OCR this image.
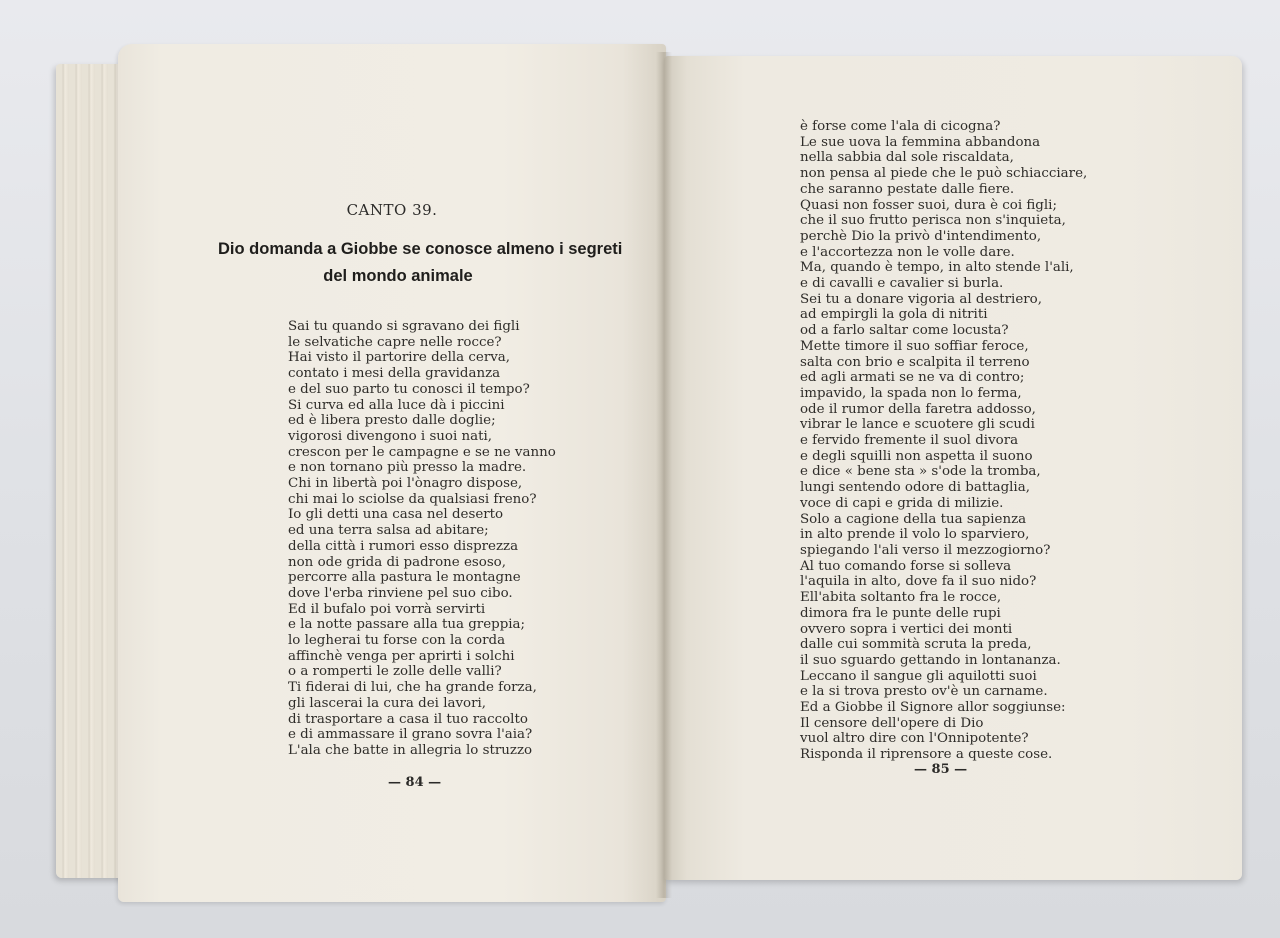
CANTO 39.
Dio domanda a Giobbe se conosce almeno i segreti
del mondo animale
Sai tu quando si sgravano dei figli
le selvatiche capre nelle rocce?
Hai visto il partorire della cerva,
contato i mesi della gravidanza
e del suo parto tu conosci il tempo?
Si curva ed alla luce dà i piccini
ed è libera presto dalle doglie;
vigorosi divengono i suoi nati,
crescon per le campagne e se ne vanno
e non tornano più presso la madre.
Chi in libertà poi l'ònagro dispose,
chi mai lo sciolse da qualsiasi freno?
Io gli detti una casa nel deserto
ed una terra salsa ad abitare;
della città i rumori esso disprezza
non ode grida di padrone esoso,
percorre alla pastura le montagne
dove l'erba rinviene pel suo cibo.
Ed il bufalo poi vorrà servirti
e la notte passare alla tua greppia;
lo legherai tu forse con la corda
affinchè venga per aprirti i solchi
o a romperti le zolle delle valli?
Ti fiderai di lui, che ha grande forza,
gli lascerai la cura dei lavori,
di trasportare a casa il tuo raccolto
e di ammassare il grano sovra l'aia?
L'ala che batte in allegria lo struzzo
— 84 —
è forse come l'ala di cicogna?
Le sue uova la femmina abbandona
nella sabbia dal sole riscaldata,
non pensa al piede che le può schiacciare,
che saranno pestate dalle fiere.
Quasi non fosser suoi, dura è coi figli;
che il suo frutto perisca non s'inquieta,
perchè Dio la privò d'intendimento,
e l'accortezza non le volle dare.
Ma, quando è tempo, in alto stende l'ali,
e di cavalli e cavalier si burla.
Sei tu a donare vigoria al destriero,
ad empirgli la gola di nitriti
od a farlo saltar come locusta?
Mette timore il suo soffiar feroce,
salta con brio e scalpita il terreno
ed agli armati se ne va di contro;
impavido, la spada non lo ferma,
ode il rumor della faretra addosso,
vibrar le lance e scuotere gli scudi
e fervido fremente il suol divora
e degli squilli non aspetta il suono
e dice « bene sta » s'ode la tromba,
lungi sentendo odore di battaglia,
voce di capi e grida di milizie.
Solo a cagione della tua sapienza
in alto prende il volo lo sparviero,
spiegando l'ali verso il mezzogiorno?
Al tuo comando forse si solleva
l'aquila in alto, dove fa il suo nido?
Ell'abita soltanto fra le rocce,
dimora fra le punte delle rupi
ovvero sopra i vertici dei monti
dalle cui sommità scruta la preda,
il suo sguardo gettando in lontananza.
Leccano il sangue gli aquilotti suoi
e la si trova presto ov'è un carname.
Ed a Giobbe il Signore allor soggiunse:
Il censore dell'opere di Dio
vuol altro dire con l'Onnipotente?
Risponda il riprensore a queste cose.
— 85 —
